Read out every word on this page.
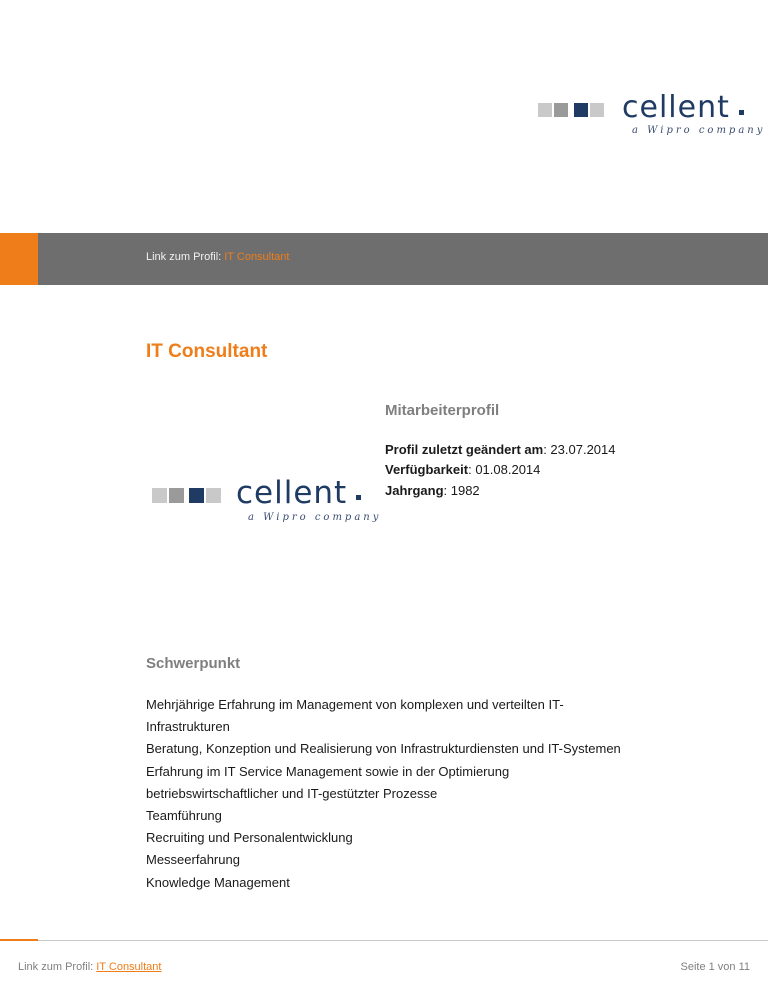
cellent
a Wipro company
Link zum Profil: IT Consultant
IT Consultant
Mitarbeiterprofil
Profil zuletzt geändert am: 23.07.2014
Verfügbarkeit: 01.08.2014
Jahrgang: 1982
cellent
a Wipro company
Schwerpunkt
Mehrjährige Erfahrung im Management von komplexen und verteilten IT-
Infrastrukturen
Beratung, Konzeption und Realisierung von Infrastrukturdiensten und IT-Systemen
Erfahrung im IT Service Management sowie in der Optimierung
betriebswirtschaftlicher und IT-gestützter Prozesse
Teamführung
Recruiting und Personalentwicklung
Messeerfahrung
Knowledge Management
Link zum Profil: IT Consultant	Seite 1 von 11
